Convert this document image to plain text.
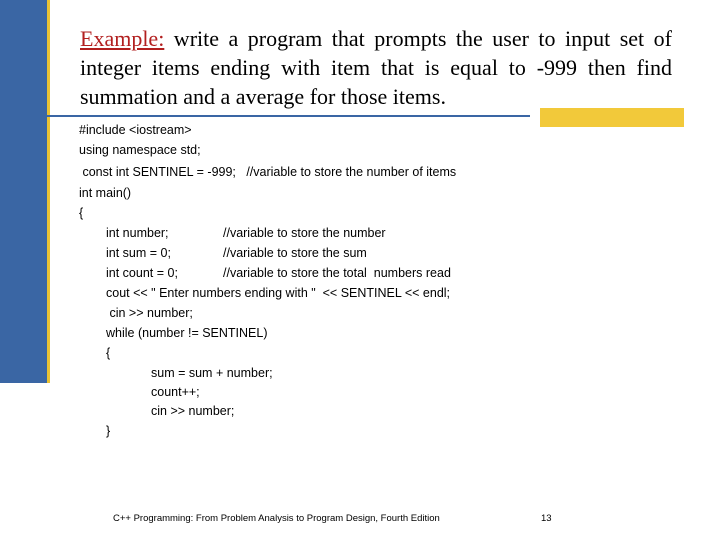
Example: write a program that prompts the user to input set of integer items ending with item that is equal to -999 then find summation and a average for those items.

#include <iostream>
using namespace std;
const int SENTINEL = -999;   //variable to store the number of items
int main()
{
int number;	//variable to store the number
int sum = 0;	//variable to store the sum
int count = 0;	//variable to store the total  numbers read
cout << " Enter numbers ending with "  << SENTINEL << endl;
cin >> number;
while (number != SENTINEL)
{
sum = sum + number;
count++;
cin >> number;
}
C++ Programming: From Problem Analysis to Program Design, Fourth Edition	13
